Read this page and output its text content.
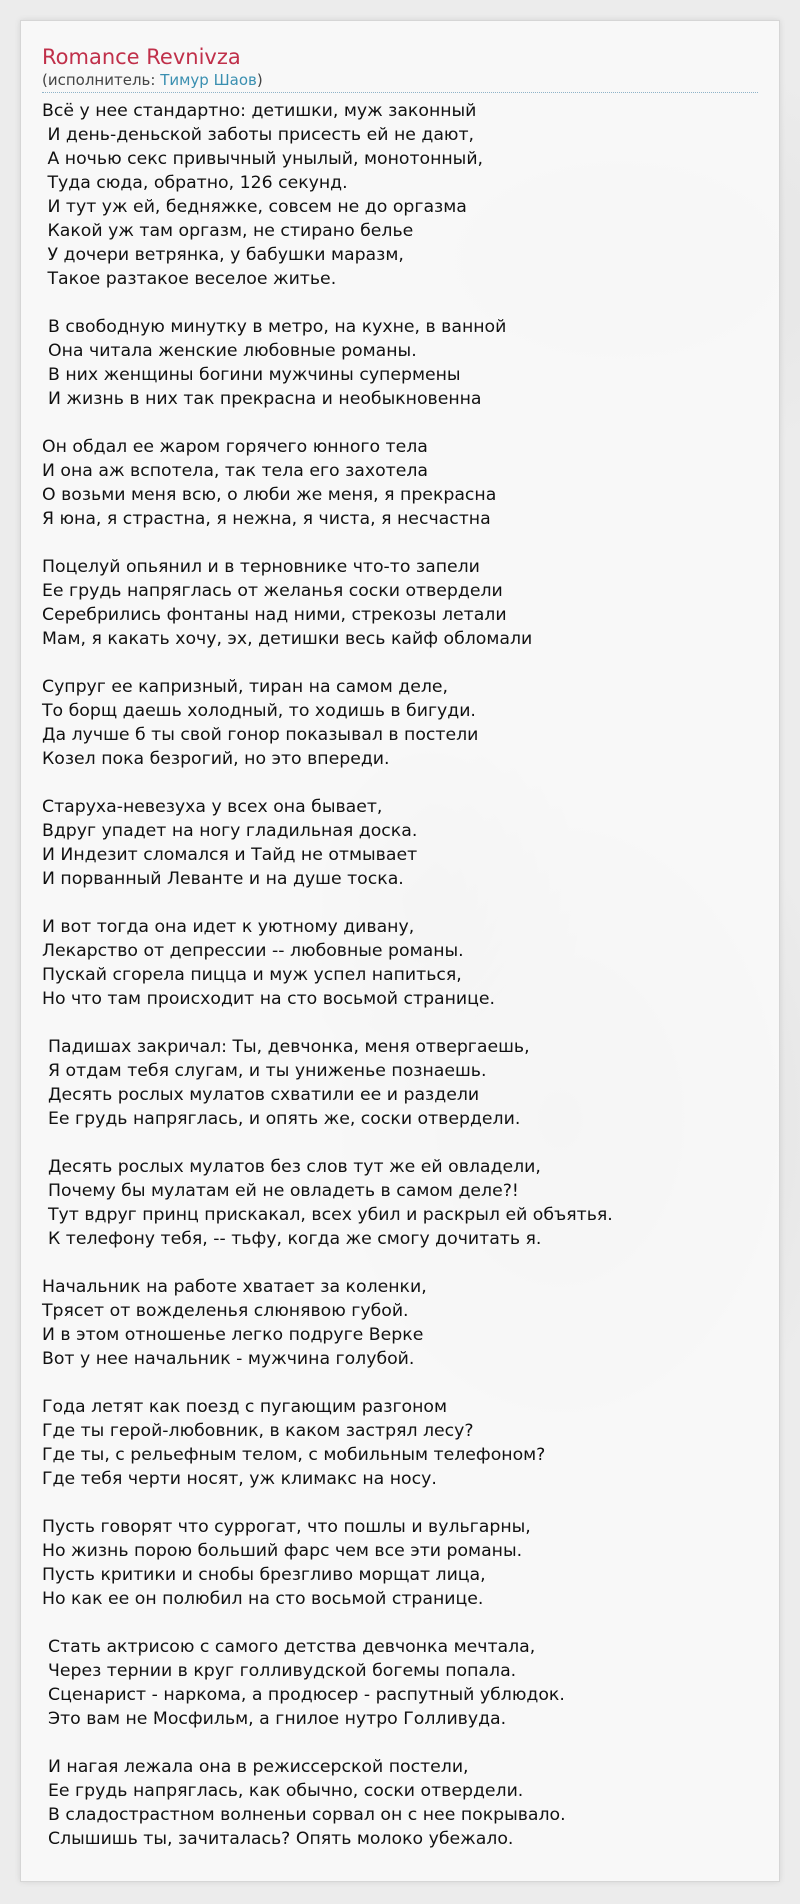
Romance Revnivza
(исполнитель: Тимур Шаов)
Всё у нее стандартно: детишки, муж законный
И день-деньской заботы присесть ей не дают,
А ночью секс привычный унылый, монотонный,
Туда сюда, обратно, 126 секунд.
И тут уж ей, бедняжке, совсем не до оргазма
Какой уж там оргазм, не стирано белье
У дочери ветрянка, у бабушки маразм,
Такое разтакое веселое житье.
В свободную минутку в метро, на кухне, в ванной
Она читала женские любовные романы.
В них женщины богини мужчины супермены
И жизнь в них так прекрасна и необыкновенна
Он обдал ее жаром горячего юнного тела
И она аж вспотела, так тела его захотела
О возьми меня всю, о люби же меня, я прекрасна
Я юна, я страстна, я нежна, я чиста, я несчастна
Поцелуй опьянил и в терновнике что-то запели
Ее грудь напряглась от желанья соски отвердели
Серебрились фонтаны над ними, стрекозы летали
Мам, я какать хочу, эх, детишки весь кайф обломали
Супруг ее капризный, тиран на самом деле,
То борщ даешь холодный, то ходишь в бигуди.
Да лучше б ты свой гонор показывал в постели
Козел пока безрогий, но это впереди.
Старуха-невезуха у всех она бывает,
Вдруг упадет на ногу гладильная доска.
И Индезит сломался и Тайд не отмывает
И порванный Леванте и на душе тоска.
И вот тогда она идет к уютному дивану,
Лекарство от депрессии -- любовные романы.
Пускай сгорела пицца и муж успел напиться,
Но что там происходит на сто восьмой странице.
Падишах закричал: Ты, девчонка, меня отвергаешь,
Я отдам тебя слугам, и ты униженье познаешь.
Десять рослых мулатов схватили ее и раздели
Ее грудь напряглась, и опять же, соски отвердели.
Десять рослых мулатов без слов тут же ей овладели,
Почему бы мулатам ей не овладеть в самом деле?!
Тут вдруг принц прискакал, всех убил и раскрыл ей объятья.
К телефону тебя, -- тьфу, когда же смогу дочитать я.
Начальник на работе хватает за коленки,
Трясет от вожделенья слюнявою губой.
И в этом отношенье легко подруге Верке
Вот у нее начальник - мужчина голубой.
Года летят как поезд с пугающим разгоном
Где ты герой-любовник, в каком застрял лесу?
Где ты, с рельефным телом, с мобильным телефоном?
Где тебя черти носят, уж климакс на носу.
Пусть говорят что суррогат, что пошлы и вульгарны,
Но жизнь порою больший фарс чем все эти романы.
Пусть критики и снобы брезгливо морщат лица,
Но как ее он полюбил на сто восьмой странице.
Стать актрисою с самого детства девчонка мечтала,
Через тернии в круг голливудской богемы попала.
Сценарист - наркома, а продюсер - распутный ублюдок.
Это вам не Мосфильм, а гнилое нутро Голливуда.
И нагая лежала она в режиссерской постели,
Ее грудь напряглась, как обычно, соски отвердели.
В сладострастном волненьи сорвал он с нее покрывало.
Слышишь ты, зачиталась? Опять молоко убежало.
